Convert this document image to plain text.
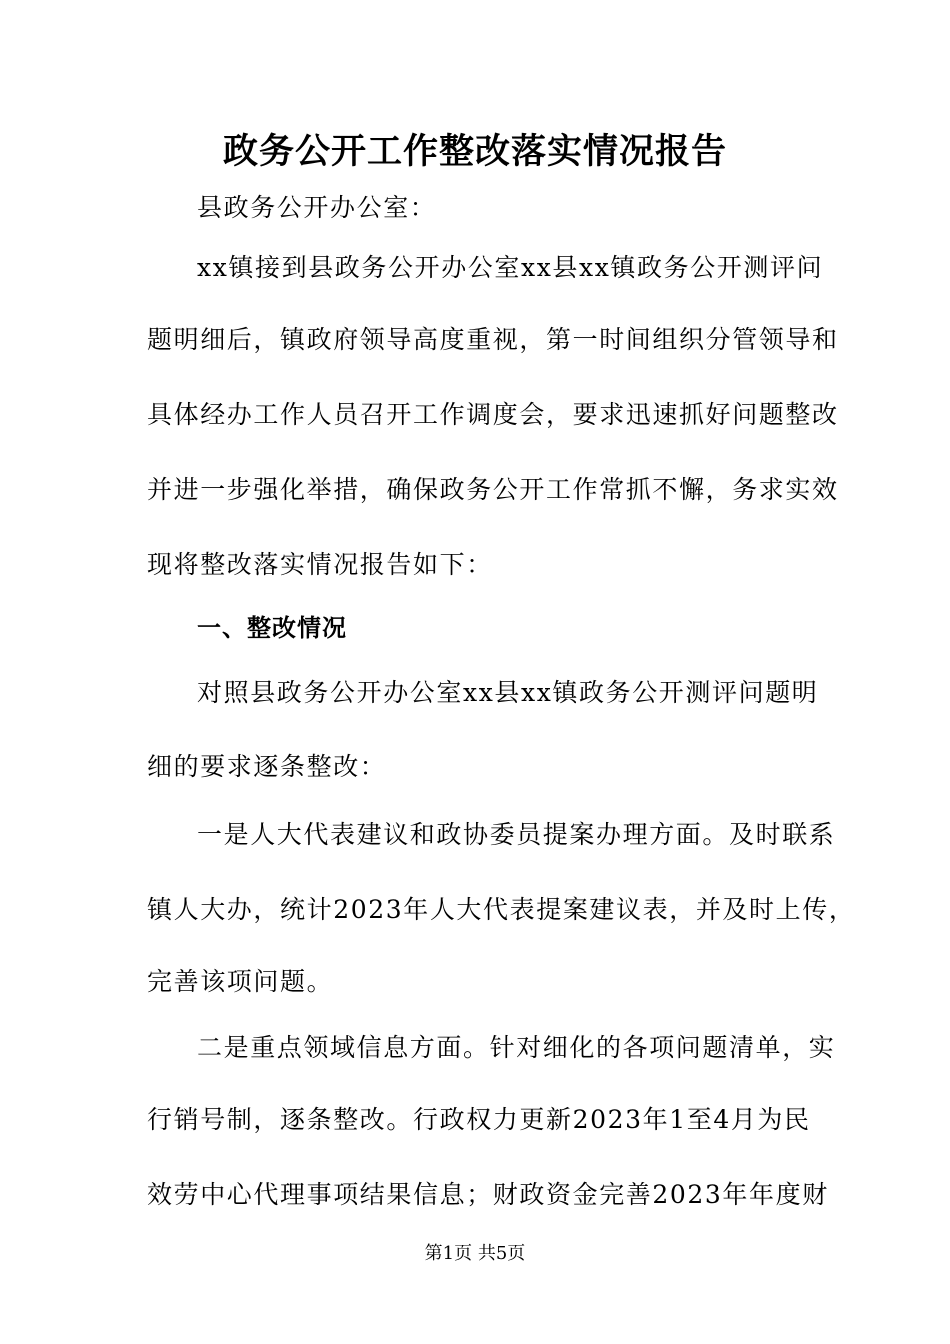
政务公开工作整改落实情况报告
县政务公开办公室：
xx镇接到县政务公开办公室xx县xx镇政务公开测评问
题明细后，镇政府领导高度重视，第一时间组织分管领导和
具体经办工作人员召开工作调度会，要求迅速抓好问题整改
并进一步强化举措，确保政务公开工作常抓不懈，务求实效
现将整改落实情况报告如下：
一、整改情况
对照县政务公开办公室xx县xx镇政务公开测评问题明
细的要求逐条整改：
一是人大代表建议和政协委员提案办理方面。及时联系
镇人大办，统计2023年人大代表提案建议表，并及时上传，
完善该项问题。
二是重点领域信息方面。针对细化的各项问题清单，实
行销号制，逐条整改。行政权力更新2023年1至4月为民
效劳中心代理事项结果信息；财政资金完善2023年年度财
第1页 共5页
